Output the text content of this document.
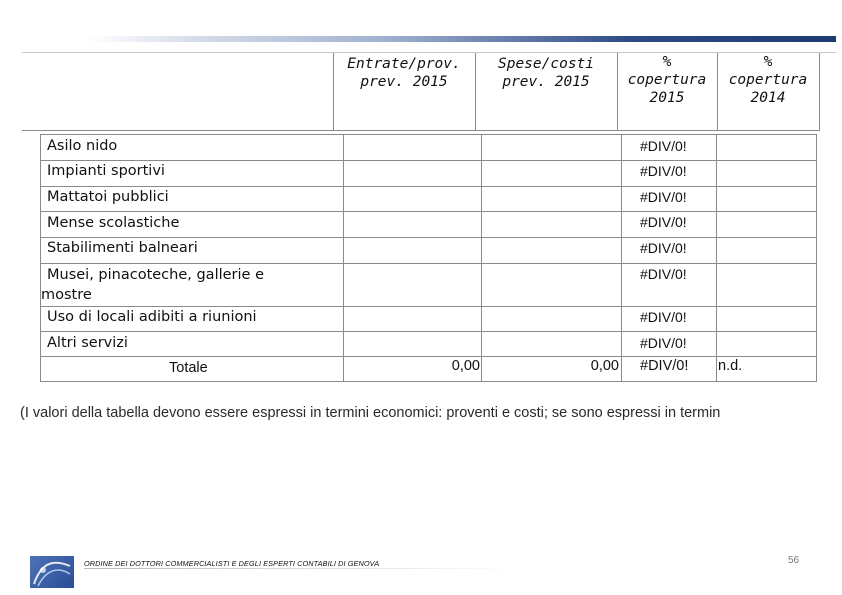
Entrate/prov.
prev. 2015
Spese/costi
prev. 2015
%
copertura
2015
%
copertura
2014
Asilo nido
Impianti sportivi
Mattatoi pubblici
Mense scolastiche
Stabilimenti balneari
Musei, pinacoteche, gallerie e
mostre
Uso di locali adibiti a riunioni
Altri servizi
Totale
#DIV/0!
#DIV/0!
#DIV/0!
#DIV/0!
#DIV/0!
#DIV/0!
#DIV/0!
#DIV/0!
0,00	0,00 #DIV/0! n.d.
(I valori della tabella devono essere espressi in termini economici: proventi e costi; se sono espressi in termin
ORDINE DEI DOTTORI COMMERCIALISTI E DEGLI ESPERTI CONTABILI DI GENOVA	56
